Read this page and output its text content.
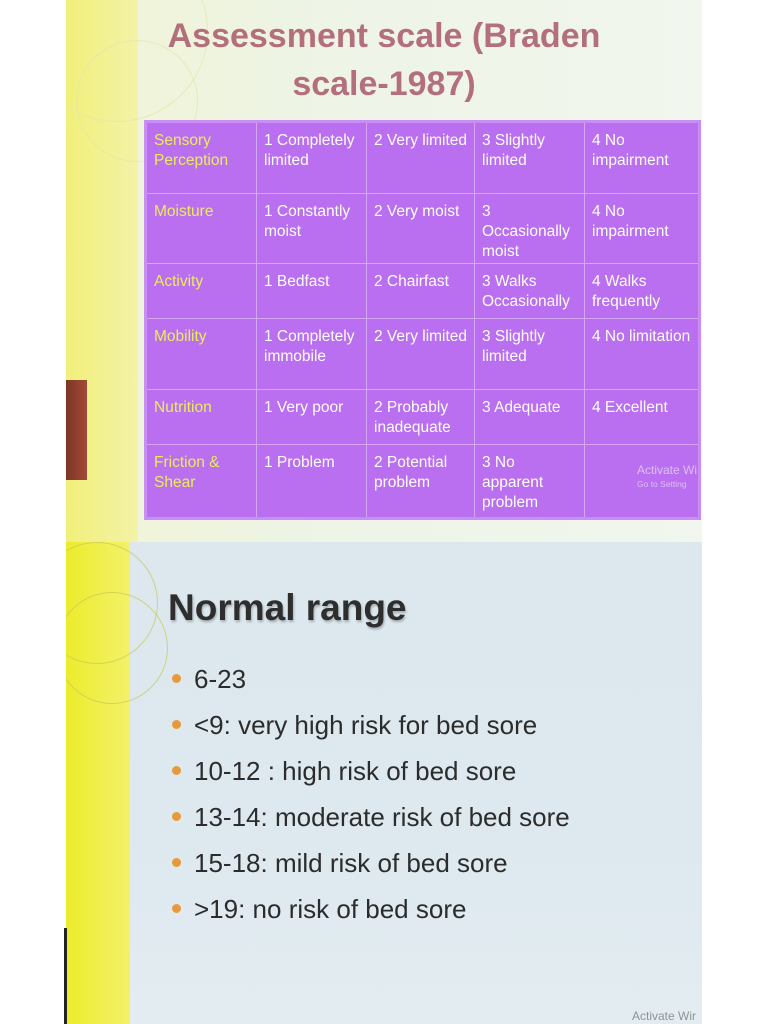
Assessment scale (Braden
scale-1987)
Sensory Perception	1 Completely limited	2 Very limited	3 Slightly limited	4 No impairment
Moisture	1 Constantly moist	2 Very moist	3 Occasionally moist	4 No impairment
Activity	1 Bedfast	2 Chairfast	3 Walks Occasionally	4 Walks frequently
Mobility	1 Completely immobile	2 Very limited	3 Slightly limited	4 No limitation
Nutrition	1 Very poor	2 Probably inadequate	3 Adequate	4 Excellent
Friction & Shear	1 Problem	2 Potential problem	3 No apparent problem	
Activate Wi
Go to Setting
Normal range
6-23
<9: very high risk for bed sore
10-12 : high risk of bed sore
13-14: moderate risk of bed sore
15-18: mild risk of bed sore
>19: no risk of bed sore
Activate Wir
